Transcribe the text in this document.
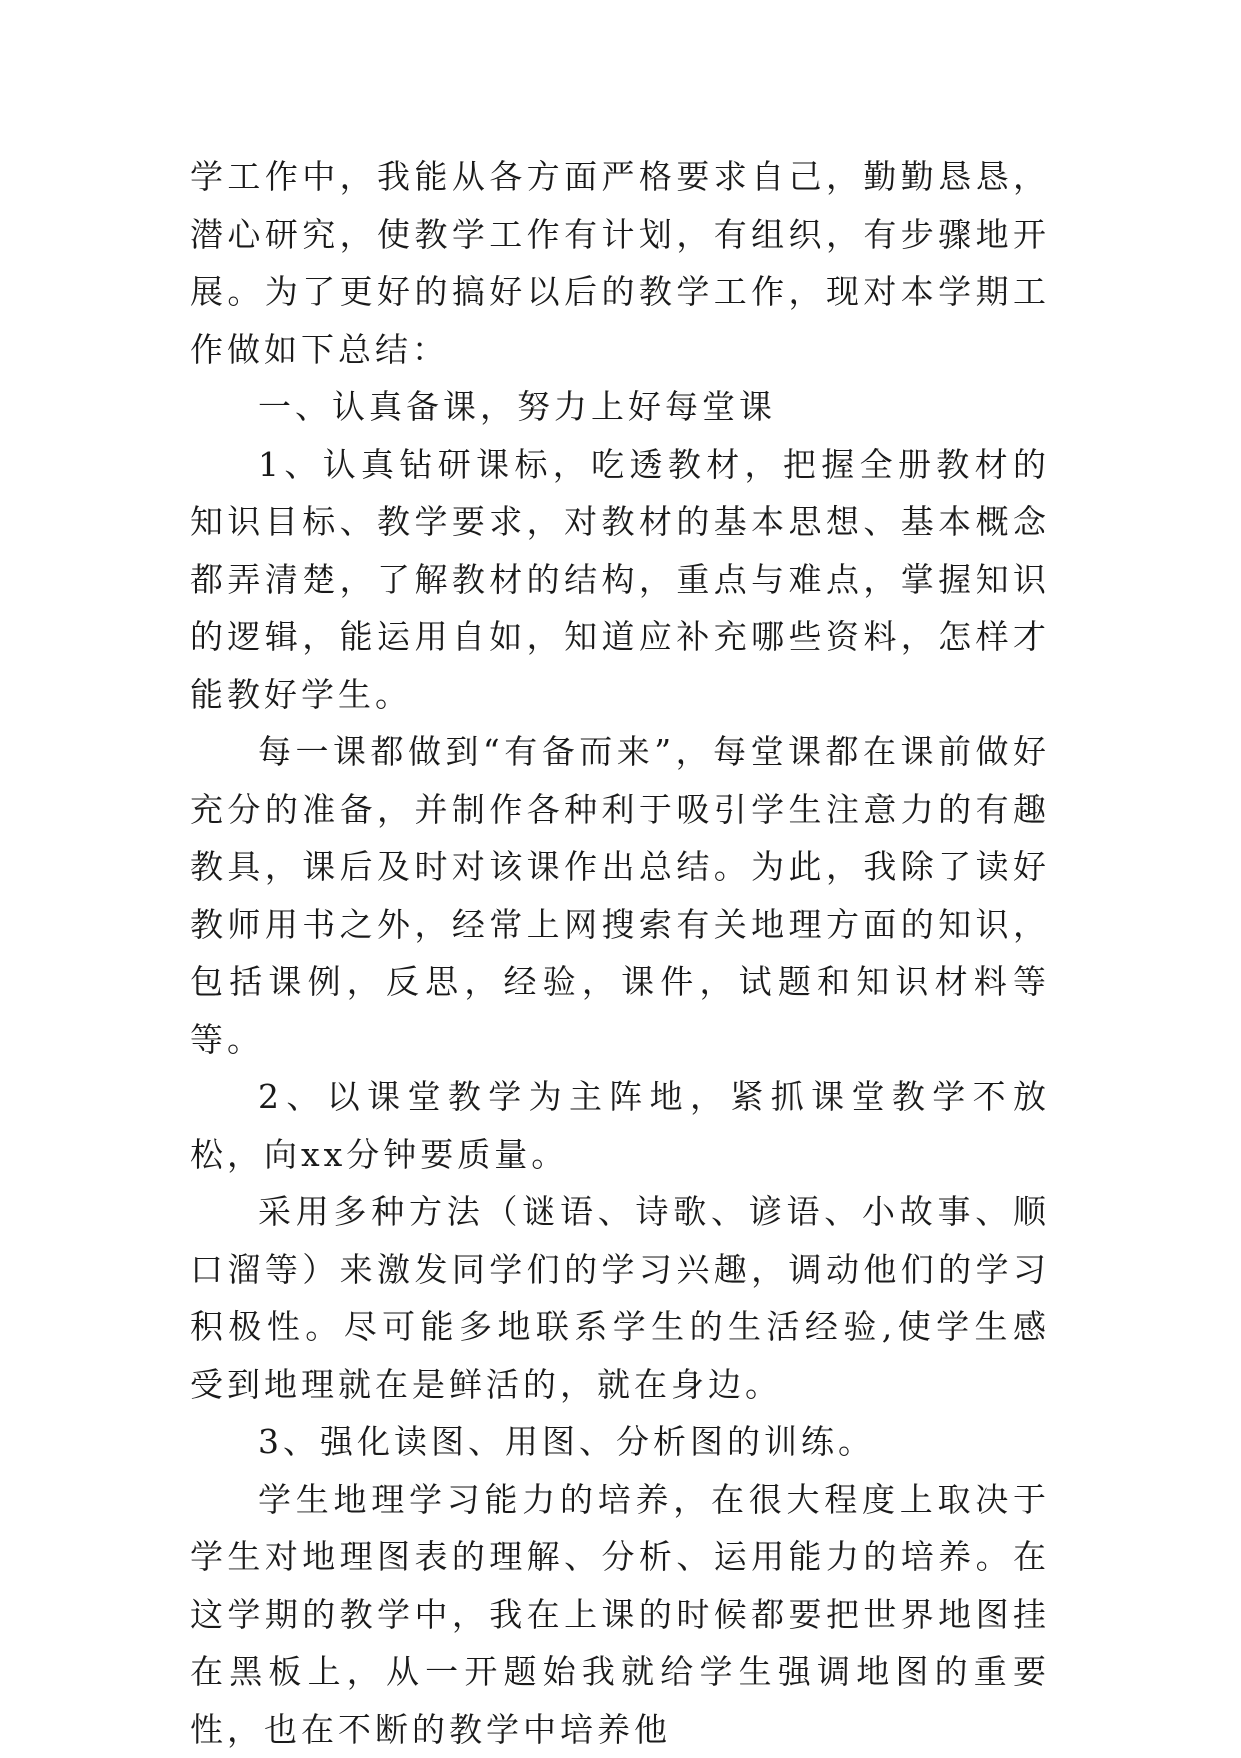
学工作中，我能从各方面严格要求自己，勤勤恳恳，潜心研究，使教学工作有计划，有组织，有步骤地开展。为了更好的搞好以后的教学工作，现对本学期工作做如下总结：

一、认真备课，努力上好每堂课

1、认真钻研课标，吃透教材，把握全册教材的知识目标、教学要求，对教材的基本思想、基本概念都弄清楚，了解教材的结构，重点与难点，掌握知识的逻辑，能运用自如，知道应补充哪些资料，怎样才能教好学生。

每一课都做到“有备而来”，每堂课都在课前做好充分的准备，并制作各种利于吸引学生注意力的有趣教具，课后及时对该课作出总结。为此，我除了读好教师用书之外，经常上网搜索有关地理方面的知识，包括课例，反思，经验，课件，试题和知识材料等等。

2、以课堂教学为主阵地，紧抓课堂教学不放松，向xx分钟要质量。

采用多种方法（谜语、诗歌、谚语、小故事、顺口溜等）来激发同学们的学习兴趣，调动他们的学习积极性。尽可能多地联系学生的生活经验,使学生感受到地理就在是鲜活的，就在身边。

3、强化读图、用图、分析图的训练。

学生地理学习能力的培养，在很大程度上取决于学生对地理图表的理解、分析、运用能力的培养。在这学期的教学中，我在上课的时候都要把世界地图挂在黑板上，从一开题始我就给学生强调地图的重要性，也在不断的教学中培养他
